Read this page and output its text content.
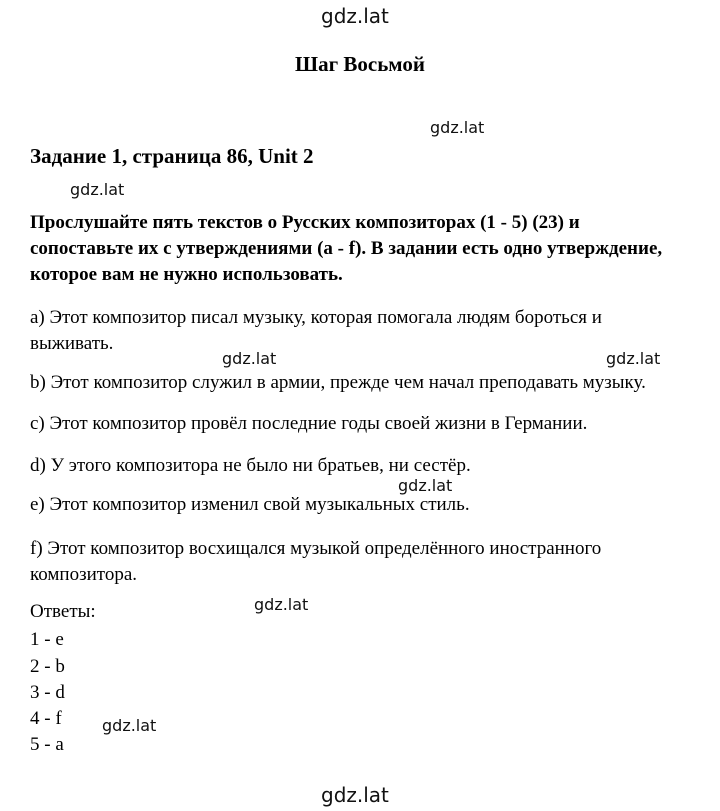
gdz.lat
gdz.lat
gdz.lat
gdz.lat	gdz.lat
gdz.lat
gdz.lat
gdz.lat
gdz.lat
Шаг Восьмой
Задание 1, страница 86, Unit 2
Прослушайте пять текстов о Русских композиторах (1 - 5) (23) и
сопоставьте их с утверждениями (a - f). В задании есть одно утверждение,
которое вам не нужно использовать.
a) Этот композитор писал музыку, которая помогала людям бороться и
выживать.
b) Этот композитор служил в армии, прежде чем начал преподавать музыку.
c) Этот композитор провёл последние годы своей жизни в Германии.
d) У этого композитора не было ни братьев, ни сестёр.
e) Этот композитор изменил свой музыкальных стиль.
f) Этот композитор восхищался музыкой определённого иностранного
композитора.
Ответы:
1 - e
2 - b
3 - d
4 - f
5 - a
